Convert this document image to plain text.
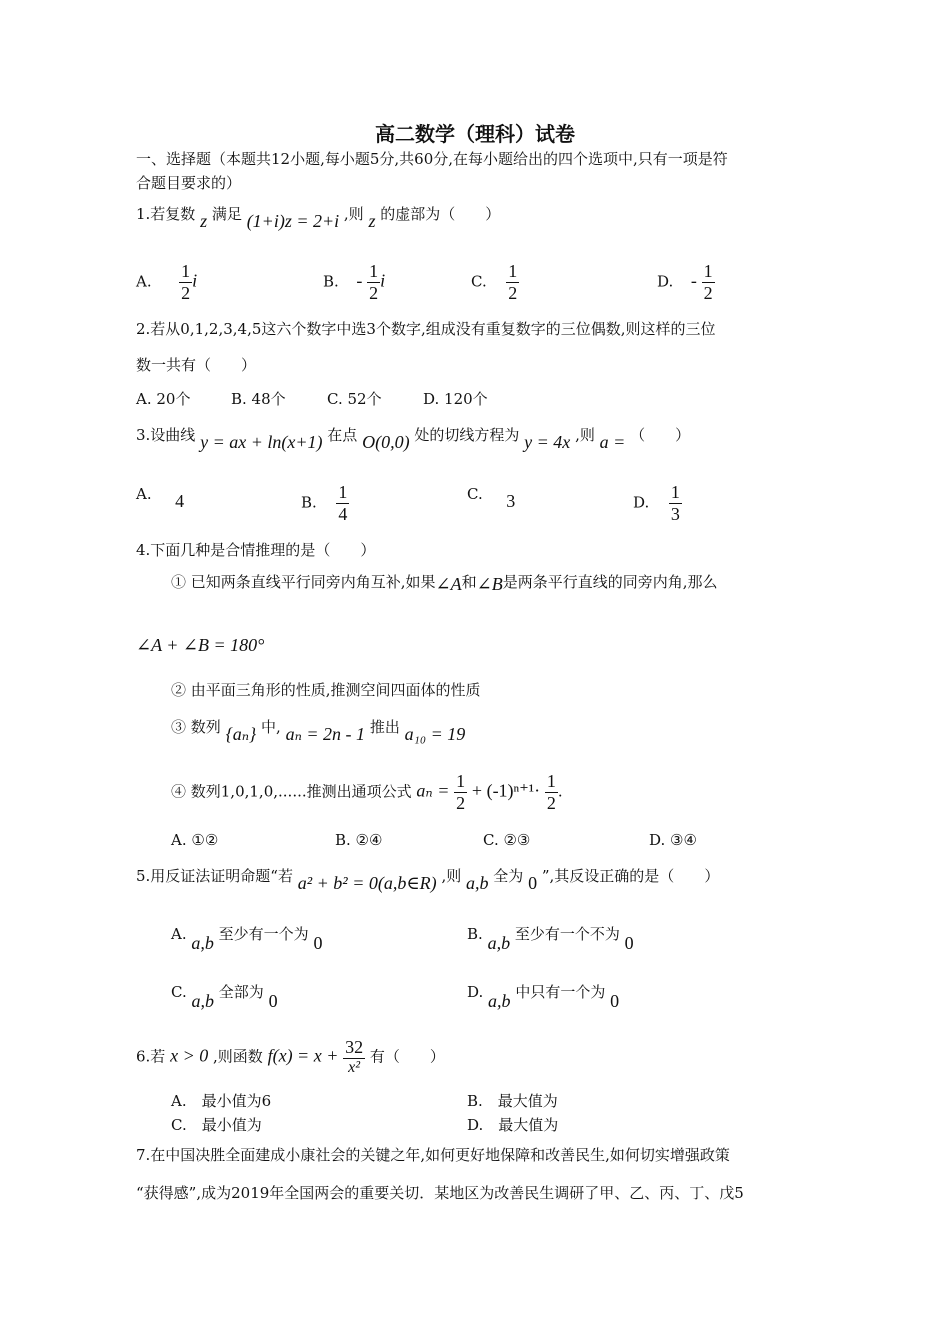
高二数学（理科）试卷
一、选择题（本题共12小题,每小题5分,共60分,在每小题给出的四个选项中,只有一项是符
合题目要求的）
1.若复数 z 满足 (1+i)z = 2+i ,则 z 的虚部为（　　）
A. $\frac{1}{2}$ i	B. - $\frac{1}{2}$ i	C. $\frac{1}{2}$	D. - $\frac{1}{2}$
2.若从0,1,2,3,4,5这六个数字中选3个数字,组成没有重复数字的三位偶数,则这样的三位
数一共有（　　）
A. 20个	B. 48个	C. 52个	D. 120个
3.设曲线 y = ax + ln(x+1) 在点 O(0,0) 处的切线方程为 y = 4x ,则 a = （　　）
A. 4	B. $\frac{1}{4}$	C. 3	D. $\frac{1}{3}$
4.下面几种是合情推理的是（　　）
① 已知两条直线平行同旁内角互补,如果∠A和∠B是两条平行直线的同旁内角,那么
∠A + ∠B = 180°
② 由平面三角形的性质,推测空间四面体的性质
③ 数列 {aₙ} 中, aₙ = 2n - 1 推出 a₁₀ = 19
④ 数列1,0,1,0,......推测出通项公式 $a_n = \frac{1}{2} + (-1)^{n+1}\cdot \frac{1}{2}$ .
A. ①②	B. ②④	C. ②③	D. ③④
5.用反证法证明命题“若 a² + b² = 0(a,b∈R) ,则 a,b 全为 0 ”,其反设正确的是（　　）
A. a,b 至少有一个为 0	B. a,b 至少有一个不为 0
C. a,b 全部为 0	D. a,b 中只有一个为 0
6.若 x > 0 ,则函数 $f(x) = x + \frac{32}{\text{x²}}$ 有（　　）
A.　最小值为6	B.　最大值为
C.　最小值为	D.　最大值为
7.在中国决胜全面建成小康社会的关键之年,如何更好地保障和改善民生,如何切实增强政策
“获得感”,成为2019年全国两会的重要关切．某地区为改善民生调研了甲、乙、丙、丁、戊5
